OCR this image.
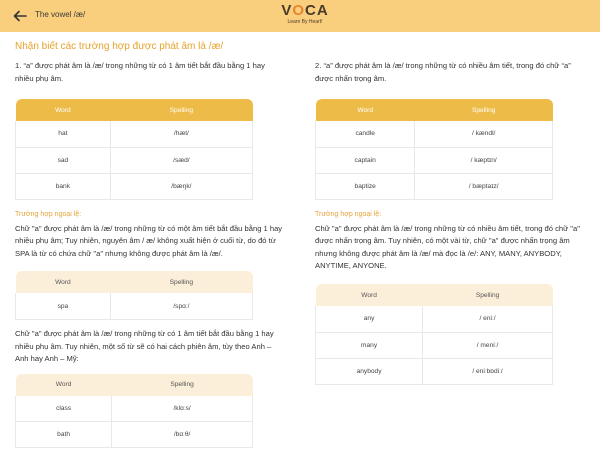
The vowel /æ/	VOCA
Learn By Heart!
Nhận biết các trường hợp được phát âm là /æ/

1. “a” được phát âm là /æ/ trong những từ có 1 âm tiết bắt đầu bằng 1 hay nhiều phụ âm.

Word	Spelling
hat	/hæt/
sad	/sæd/
bank	/bæŋk/
Trường hợp ngoại lệ:

Chữ "a" được phát âm là /æ/ trong những từ có một âm tiết bắt đầu bằng 1 hay nhiều phụ âm; Tuy nhiên, nguyên âm / æ/ không xuất hiện ở cuối từ, do đó từ SPA là từ có chứa chữ "a" nhưng không được phát âm là /æ/.

Word	Spelling
spa	/spɑː/

Chữ "a" được phát âm là /æ/ trong những từ có 1 âm tiết bắt đầu bằng 1 hay nhiều phụ âm. Tuy nhiên, một số từ sẽ có hai cách phiên âm, tùy theo Anh – Anh hay Anh – Mỹ:

Word	Spelling
class	/klɑːs/
bath	/bɑːθ/

2. “a” được phát âm là /æ/ trong những từ có nhiều âm tiết, trong đó chữ “a” được nhấn trọng âm.

Word	Spelling
candle	/ kændl/
captain	/ kæptɪn/
baptize	/ bæptaɪz/
Trường hợp ngoại lệ:

Chữ "a" được phát âm là /æ/ trong những từ có nhiều âm tiết, trong đó chữ "a" được nhấn trọng âm. Tuy nhiên, có một vài từ, chữ "a" được nhấn trọng âm nhưng không được phát âm là /æ/ mà đọc là /e/: ANY, MANY, ANYBODY, ANYTIME, ANYONE.

Word	Spelling
any	/ eniː/
many	/ meniː/
anybody	/ eniːbɒdiː/
